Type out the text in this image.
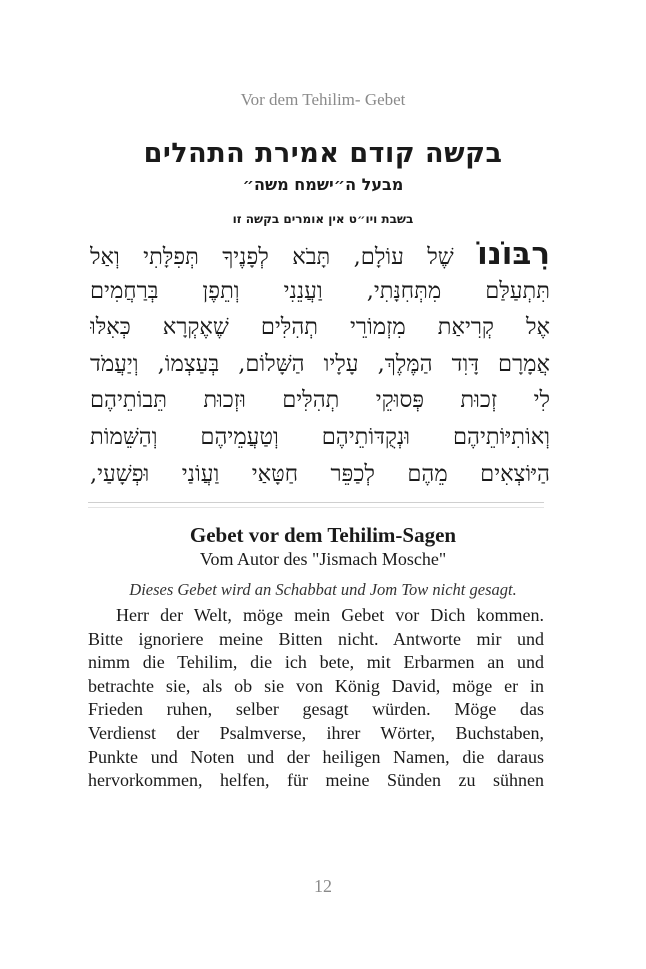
Vor dem Tehilim- Gebet
בקשה קודם אמירת התהלים
מבעל ה״ישמח משה״
בשבת ויו״ט אין אומרים בקשה זו
רִבּוֹנוֹ שֶׁל עוֹלָם, תָּבֹא לְפָנֶיךָ תְּפִלָּתִי וְאַל
תִּתְעַלַּם מִתְּחִנָּתִי, וַעֲנֵנִי וְתֵפֶן בְּרַחֲמִים
אֶל קְרִיאַת מִזְמוֹרֵי תְהִלִּים שֶׁאֶקְרָא כְּאִלּוּ
אֲמָרָם דָּוִד הַמֶּלֶךְ, עָלָיו הַשָּׁלוֹם, בְּעַצְמוֹ, וְיַעֲמֹד
לִי זְכוּת פְּסוּקֵי תְהִלִּים וּזְכוּת תֵּבוֹתֵיהֶם
וְאוֹתִיּוֹתֵיהֶם וּנְקֻדּוֹתֵיהֶם וְטַעֲמֵיהֶם וְהַשֵּׁמוֹת
הַיּוֹצְאִים מֵהֶם לְכַפֵּר חַטָּאַי וַעֲוֹנַי וּפְשָׁעַי,
Gebet vor dem Tehilim-Sagen
Vom Autor des "Jismach Mosche"
Dieses Gebet wird an Schabbat und Jom Tow nicht gesagt.
Herr der Welt, möge mein Gebet vor Dich kommen.
Bitte ignoriere meine Bitten nicht. Antworte mir und
nimm die Tehilim, die ich bete, mit Erbarmen an und
betrachte sie, als ob sie von König David, möge er in
Frieden ruhen, selber gesagt würden. Möge das
Verdienst der Psalmverse, ihrer Wörter, Buchstaben,
Punkte und Noten und der heiligen Namen, die daraus
hervorkommen, helfen, für meine Sünden zu sühnen
12
